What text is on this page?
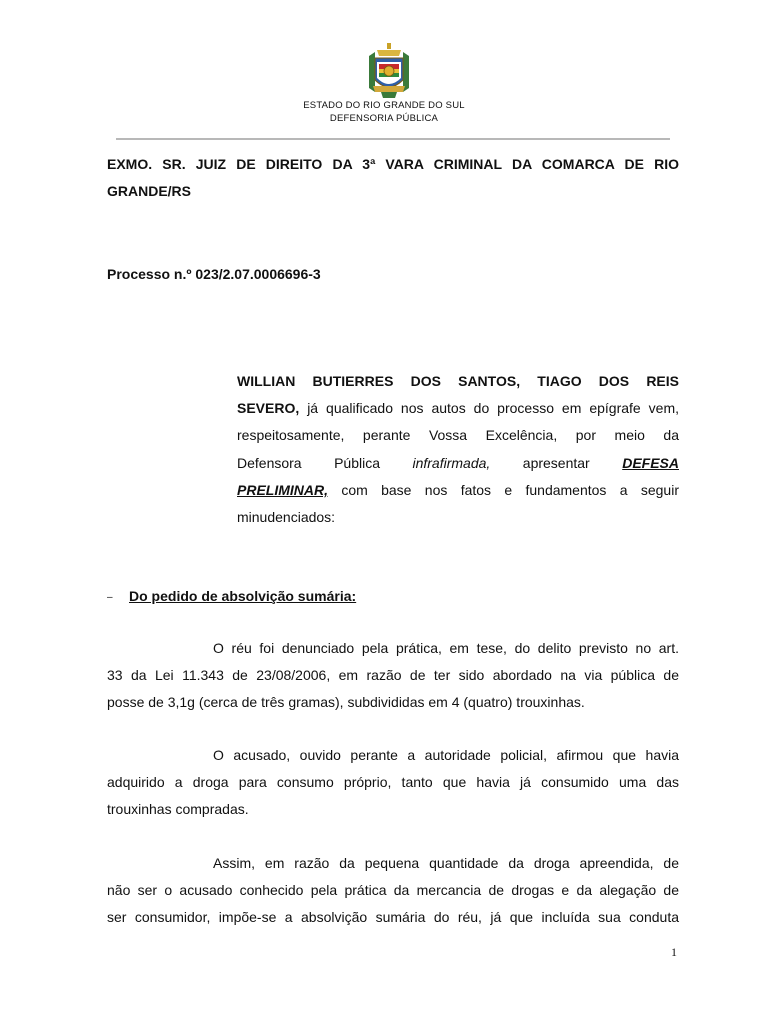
ESTADO DO RIO GRANDE DO SUL
DEFENSORIA PÚBLICA
EXMO. SR. JUIZ DE DIREITO DA 3ª VARA CRIMINAL DA COMARCA DE RIO GRANDE/RS
Processo n.º 023/2.07.0006696-3
WILLIAN BUTIERRES DOS SANTOS, TIAGO DOS REIS
SEVERO, já qualificado nos autos do processo em epígrafe vem,
respeitosamente, perante Vossa Excelência, por meio da
Defensora Pública infrafirmada, apresentar DEFESA
PRELIMINAR, com base nos fatos e fundamentos a seguir
minudenciados:
– Do pedido de absolvição sumária:
O réu foi denunciado pela prática, em tese, do delito previsto no art.
33 da Lei 11.343 de 23/08/2006, em razão de ter sido abordado na via pública de
posse de 3,1g (cerca de três gramas), subdivididas em 4 (quatro) trouxinhas.
O acusado, ouvido perante a autoridade policial, afirmou que havia
adquirido a droga para consumo próprio, tanto que havia já consumido uma das
trouxinhas compradas.
Assim, em razão da pequena quantidade da droga apreendida, de
não ser o acusado conhecido pela prática da mercancia de drogas e da alegação de
ser consumidor, impõe-se a absolvição sumária do réu, já que incluída sua conduta
1
